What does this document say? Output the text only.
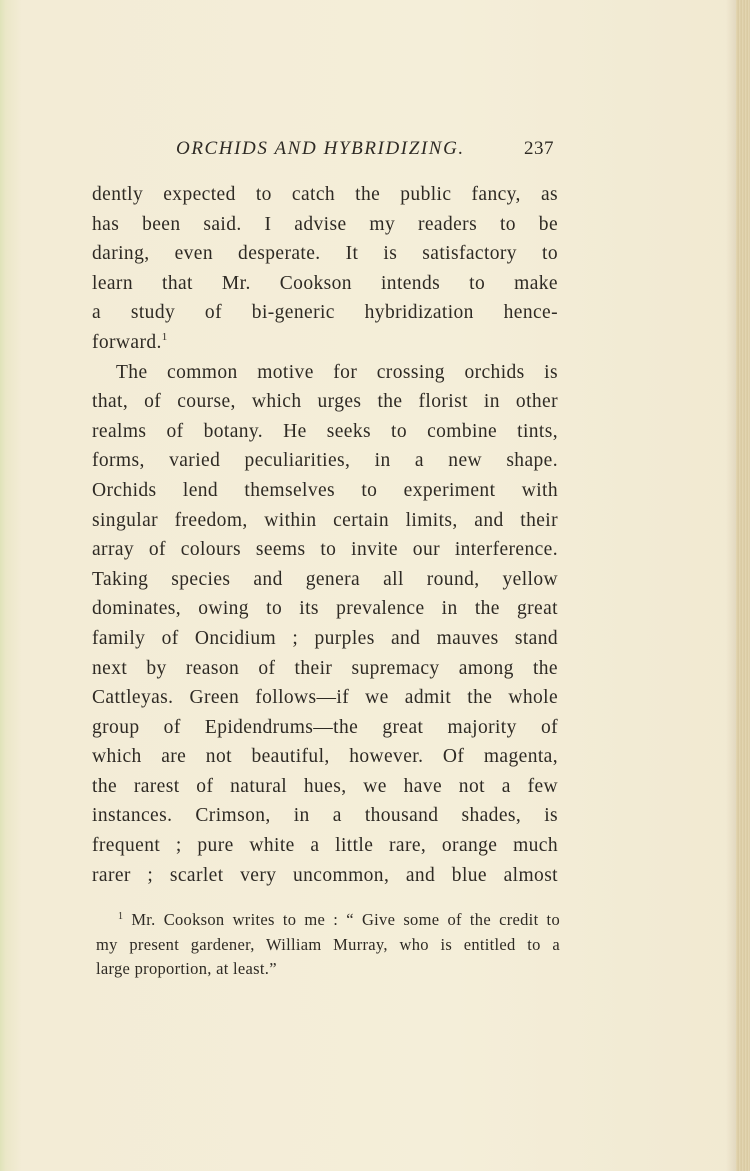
ORCHIDS AND HYBRIDIZING.	237
dently expected to catch the public fancy, as
has been said. I advise my readers to be
daring, even desperate. It is satisfactory to
learn that Mr. Cookson intends to make
a study of bi-generic hybridization hence-
forward.$^1$
The common motive for crossing orchids is
that, of course, which urges the florist in other
realms of botany. He seeks to combine tints,
forms, varied peculiarities, in a new shape.
Orchids lend themselves to experiment with
singular freedom, within certain limits, and their
array of colours seems to invite our interference.
Taking species and genera all round, yellow
dominates, owing to its prevalence in the great
family of Oncidium ; purples and mauves stand
next by reason of their supremacy among the
Cattleyas. Green follows—if we admit the whole
group of Epidendrums—the great majority of
which are not beautiful, however. Of magenta,
the rarest of natural hues, we have not a few
instances. Crimson, in a thousand shades, is
frequent ; pure white a little rare, orange much
rarer ; scarlet very uncommon, and blue almost
$^1$ Mr. Cookson writes to me : “ Give some of the credit to
my present gardener, William Murray, who is entitled to a
large proportion, at least.”
